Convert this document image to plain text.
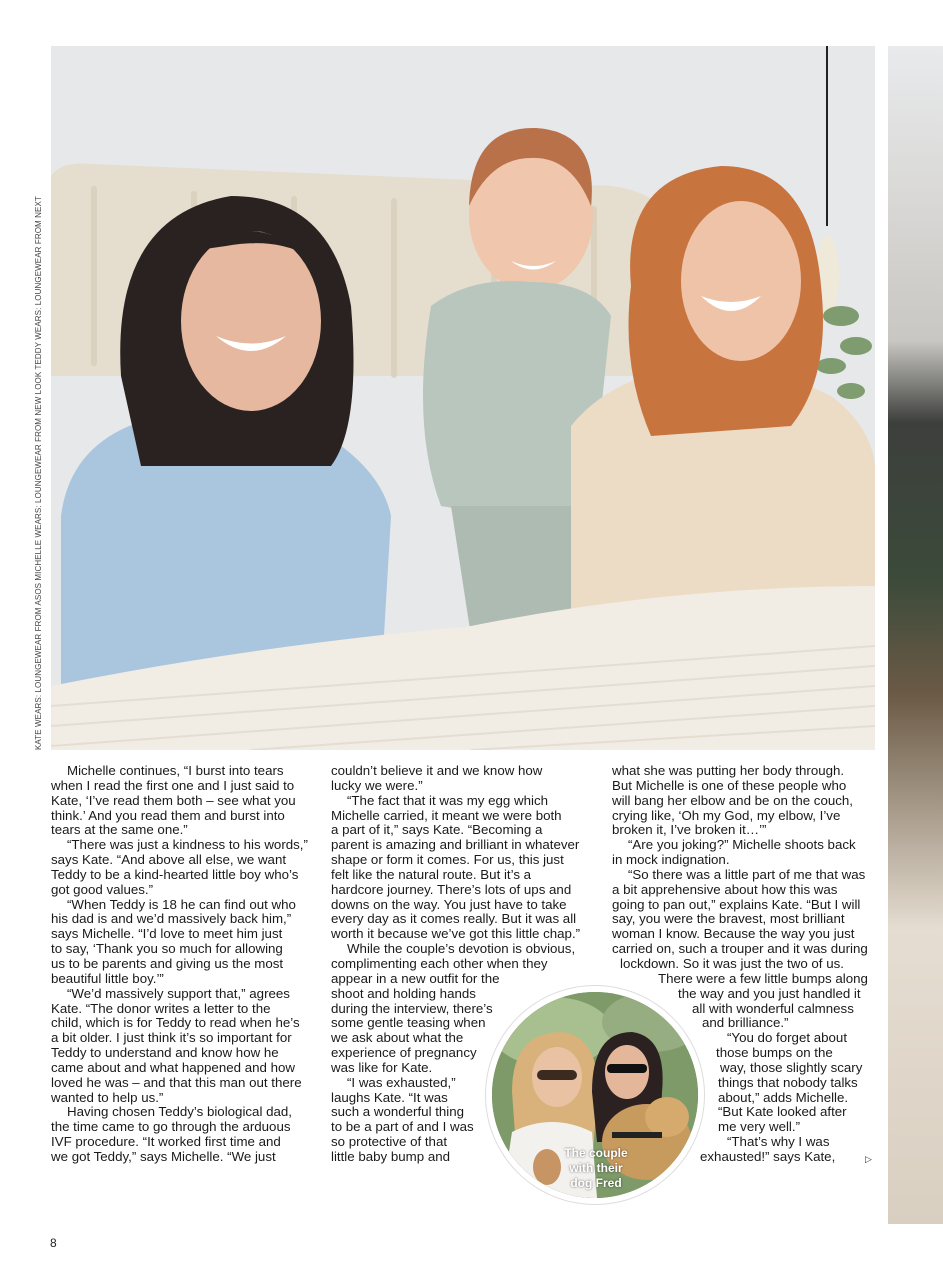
KATE WEARS: LOUNGEWEAR FROM ASOS MICHELLE WEARS: LOUNGEWEAR FROM NEW LOOK TEDDY WEARS: LOUNGEWEAR FROM NEXT
Michelle continues, “I burst into tears
when I read the first one and I just said to
Kate, ‘I’ve read them both – see what you
think.’ And you read them and burst into
tears at the same one.”
“There was just a kindness to his words,”
says Kate. “And above all else, we want
Teddy to be a kind-hearted little boy who’s
got good values.”
“When Teddy is 18 he can find out who
his dad is and we’d massively back him,”
says Michelle. “I’d love to meet him just
to say, ‘Thank you so much for allowing
us to be parents and giving us the most
beautiful little boy.’”
“We’d massively support that,” agrees
Kate. “The donor writes a letter to the
child, which is for Teddy to read when he’s
a bit older. I just think it’s so important for
Teddy to understand and know how he
came about and what happened and how
loved he was – and that this man out there
wanted to help us.”
Having chosen Teddy’s biological dad,
the time came to go through the arduous
IVF procedure. “It worked first time and
we got Teddy,” says Michelle. “We just
couldn’t believe it and we know how
lucky we were.”
“The fact that it was my egg which
Michelle carried, it meant we were both
a part of it,” says Kate. “Becoming a
parent is amazing and brilliant in whatever
shape or form it comes. For us, this just
felt like the natural route. But it’s a
hardcore journey. There’s lots of ups and
downs on the way. You just have to take
every day as it comes really. But it was all
worth it because we’ve got this little chap.”
While the couple’s devotion is obvious,
complimenting each other when they
appear in a new outfit for the
shoot and holding hands
during the interview, there’s
some gentle teasing when
we ask about what the
experience of pregnancy
was like for Kate.
“I was exhausted,”
laughs Kate. “It was
such a wonderful thing
to be a part of and I was
so protective of that
little baby bump and
what she was putting her body through.
But Michelle is one of these people who
will bang her elbow and be on the couch,
crying like, ‘Oh my God, my elbow, I’ve
broken it, I’ve broken it…’”
“Are you joking?” Michelle shoots back
in mock indignation.
“So there was a little part of me that was
a bit apprehensive about how this was
going to pan out,” explains Kate. “But I will
say, you were the bravest, most brilliant
woman I know. Because the way you just
carried on, such a trouper and it was during
lockdown. So it was just the two of us.
There were a few little bumps along
the way and you just handled it
all with wonderful calmness
and brilliance.”
“You do forget about
those bumps on the
way, those slightly scary
things that nobody talks
about,” adds Michelle.
“But Kate looked after
me very well.”
“That’s why I was
exhausted!” says Kate,
The couple
with their
dog Fred
8
▷
